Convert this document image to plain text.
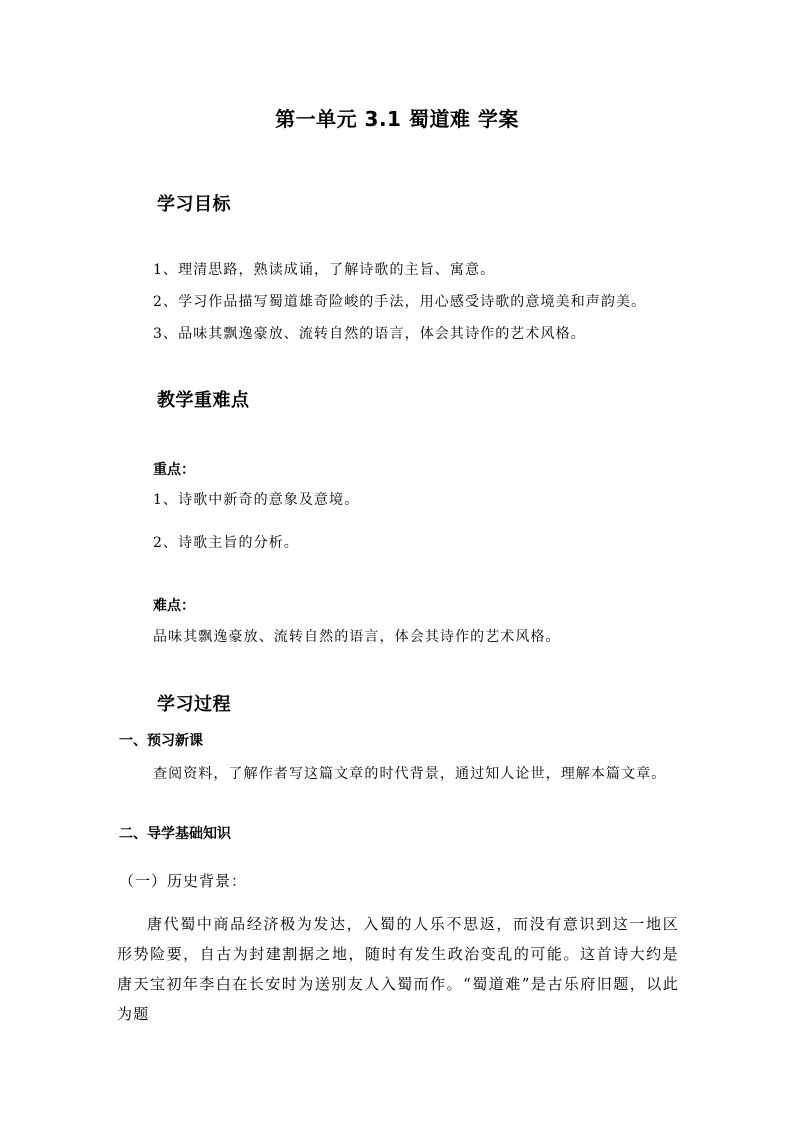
第一单元 3.1 蜀道难 学案
学习目标
1、理清思路，熟读成诵，了解诗歌的主旨、寓意。
2、学习作品描写蜀道雄奇险峻的手法，用心感受诗歌的意境美和声韵美。
3、品味其飘逸豪放、流转自然的语言，体会其诗作的艺术风格。
教学重难点
重点：
1、诗歌中新奇的意象及意境。
2、诗歌主旨的分析。
难点：
品味其飘逸豪放、流转自然的语言，体会其诗作的艺术风格。
学习过程
一、预习新课
查阅资料，了解作者写这篇文章的时代背景，通过知人论世，理解本篇文章。
二、导学基础知识
（一）历史背景：
唐代蜀中商品经济极为发达，入蜀的人乐不思返，而没有意识到这一地区形势险要，自古为封建割据之地，随时有发生政治变乱的可能。这首诗大约是唐天宝初年李白在长安时为送别友人入蜀而作。“蜀道难”是古乐府旧题，以此为题
